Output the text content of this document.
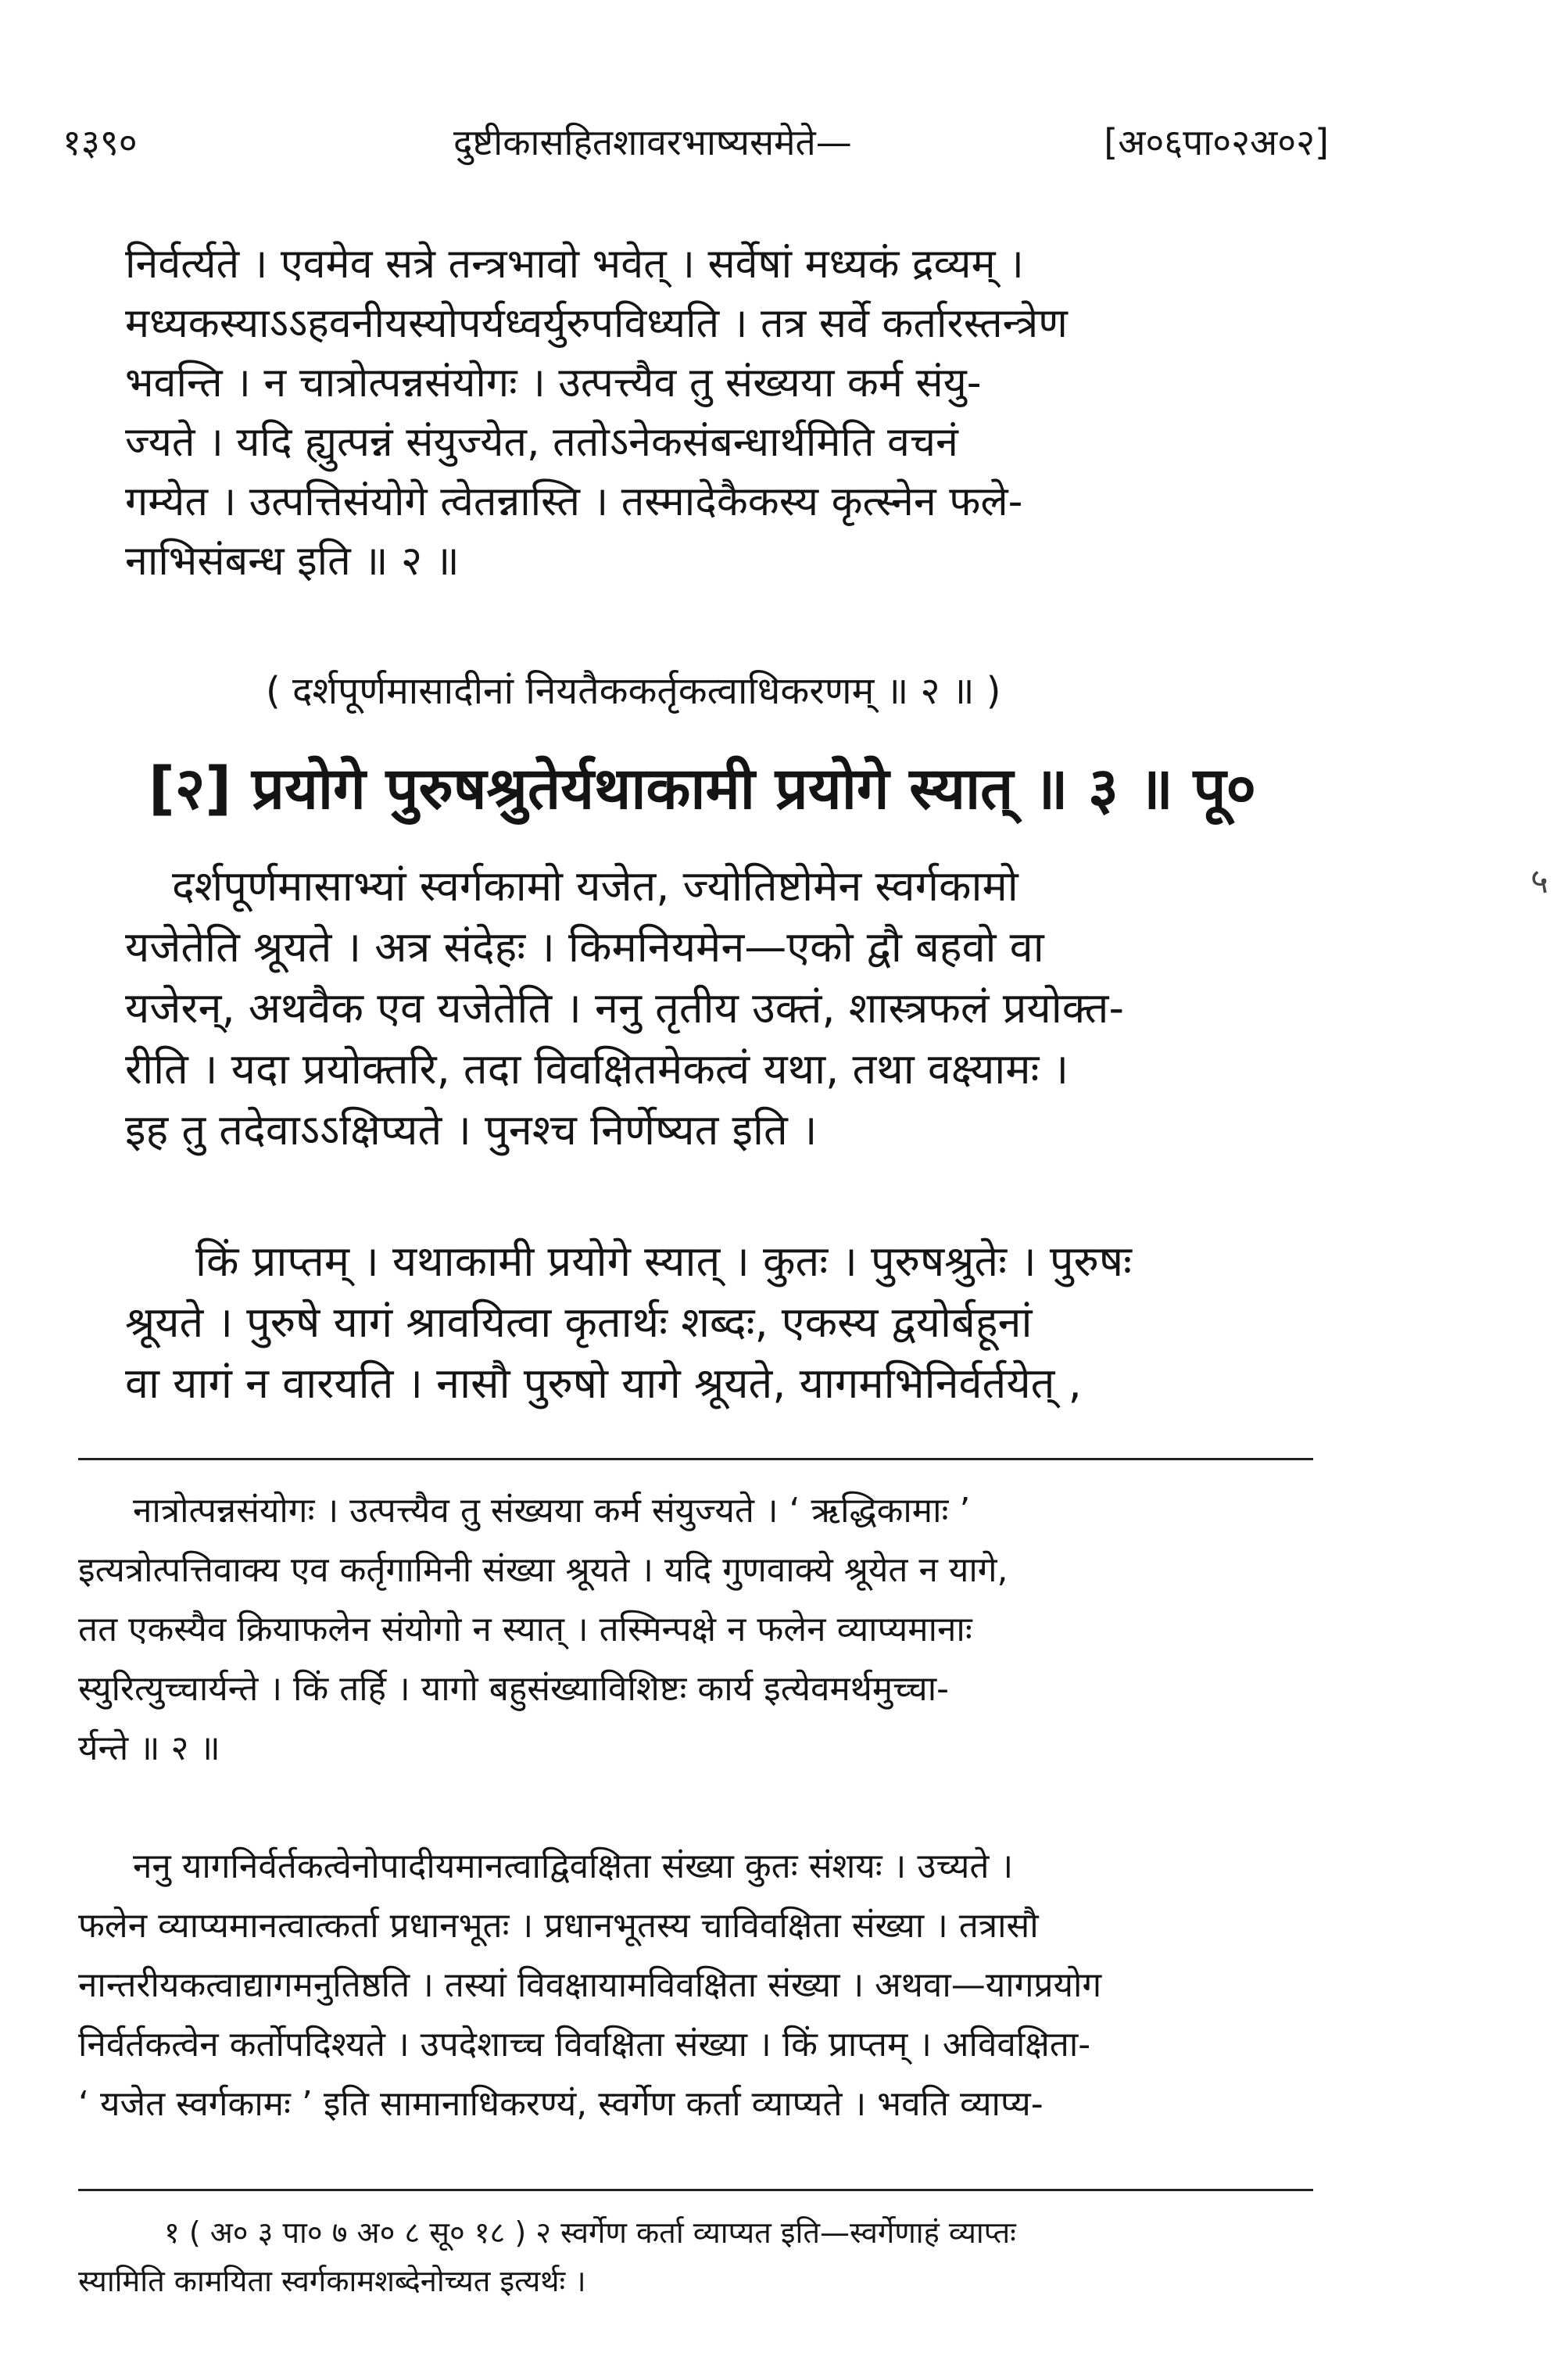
१३९०	दुष्टीकासहितशावरभाष्यसमेते—	[अ०६पा०२अ०२]
निर्वर्त्यते । एवमेव सत्रे तन्त्रभावो भवेत् । सर्वेषां मध्यकं द्रव्यम् ।
मध्यकस्याऽऽहवनीयस्योपर्यध्वर्युरुपविध्यति । तत्र सर्वे कर्तारस्तन्त्रेण
भवन्ति । न चात्रोत्पन्नसंयोगः । उत्पत्त्यैव तु संख्यया कर्म संयु-
ज्यते । यदि ह्युत्पन्नं संयुज्येत, ततोऽनेकसंबन्धार्थमिति वचनं
गम्येत । उत्पत्तिसंयोगे त्वेतन्नास्ति । तस्मादेकैकस्य कृत्स्नेन फले-
नाभिसंबन्ध इति ॥ २ ॥
( दर्शपूर्णमासादीनां नियतैककर्तृकत्वाधिकरणम् ॥ २ ॥ )
[२] प्रयोगे पुरुषश्रुतेर्यथाकामी प्रयोगे स्यात् ॥ ३ ॥ पू०
दर्शपूर्णमासाभ्यां स्वर्गकामो यजेत, ज्योतिष्टोमेन स्वर्गकामो
यजेतेति श्रूयते । अत्र संदेहः । किमनियमेन—एको द्वौ बहवो वा
यजेरन्, अथवैक एव यजेतेति । ननु तृतीय उक्तं, शास्त्रफलं प्रयोक्त-
रीति । यदा प्रयोक्तरि, तदा विवक्षितमेकत्वं यथा, तथा वक्ष्यामः ।
इह तु तदेवाऽऽक्षिप्यते । पुनश्च निर्णेष्यत इति ।
किं प्राप्तम् । यथाकामी प्रयोगे स्यात् । कुतः । पुरुषश्रुतेः । पुरुषः
श्रूयते । पुरुषे यागं श्रावयित्वा कृतार्थः शब्दः, एकस्य द्वयोर्बहूनां
वा यागं न वारयति । नासौ पुरुषो यागे श्रूयते, यागमभिनिर्वर्तयेत् ,
नात्रोत्पन्नसंयोगः । उत्पत्त्यैव तु संख्यया कर्म संयुज्यते । ‘ ऋद्धिकामाः ’
इत्यत्रोत्पत्तिवाक्य एव कर्तृगामिनी संख्या श्रूयते । यदि गुणवाक्ये श्रूयेत न यागे,
तत एकस्यैव क्रियाफलेन संयोगो न स्यात् । तस्मिन्पक्षे न फलेन व्याप्यमानाः
स्युरित्युच्चार्यन्ते । किं तर्हि । यागो बहुसंख्याविशिष्टः कार्य इत्येवमर्थमुच्चा-
र्यन्ते ॥ २ ॥
ननु यागनिर्वर्तकत्वेनोपादीयमानत्वाद्विवक्षिता संख्या कुतः संशयः । उच्यते ।
फलेन व्याप्यमानत्वात्कर्ता प्रधानभूतः । प्रधानभूतस्य चाविवक्षिता संख्या । तत्रासौ
नान्तरीयकत्वाद्यागमनुतिष्ठति । तस्यां विवक्षायामविवक्षिता संख्या । अथवा—यागप्रयोग
निर्वर्तकत्वेन कर्तोपदिश्यते । उपदेशाच्च विवक्षिता संख्या । किं प्राप्तम् । अविवक्षिता-
‘ यजेत स्वर्गकामः ’ इति सामानाधिकरण्यं, स्वर्गेण कर्ता व्याप्यते । भवति व्याप्य-
१ ( अ० ३ पा० ७ अ० ८ सू० १८ ) २ स्वर्गेण कर्ता व्याप्यत इति—स्वर्गेणाहं व्याप्तः
स्यामिति कामयिता स्वर्गकामशब्देनोच्यत इत्यर्थः ।
५
